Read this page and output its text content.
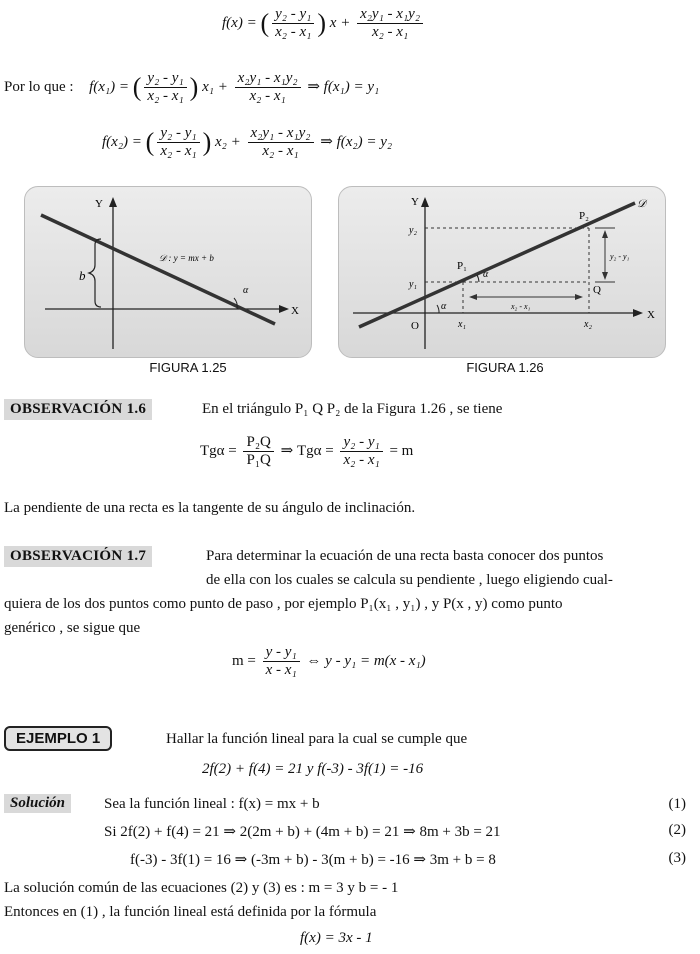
f(x) = ( $\frac{\text{y₂ - y₁}}{\text{x₂ - x₁}}$ ) $x + \frac{\text{x₂y₁ - x₁y₂}}{\text{x₂ - x₁}}$
Por lo que : f(x₁) = ( $\frac{\text{y₂ - y₁}}{\text{x₂ - x₁}}$ ) $x_1 + \frac{\text{x₂y₁ - x₁y₂}}{\text{x₂ - x₁}}$ ⇒ f(x₁) = y₁
f(x₂) = ( $\frac{\text{y₂ - y₁}}{\text{x₂ - x₁}}$ ) $x_2 + \frac{\text{x₂y₁ - x₁y₂}}{\text{x₂ - x₁}}$ ⇒ f(x₂) = y₂
Y
X
b
𝒟 : y = mx + b
α
FIGURA 1.25
Y
X
O
P₁
P₂
Q
y₂
y₁
x₁	x₂
x₂ - x₁
y₂ - y₁
α
α
𝒟
FIGURA 1.26
OBSERVACIÓN 1.6	En el triángulo P₁ Q P₂ de la Figura 1.26 , se tiene
$Tg\alpha = \frac{\text{P₂Q}}{\text{P₁Q}}$ ⇒ $Tg\alpha = \frac{\text{y₂ - y₁}}{\text{x₂ - x₁}} = m$
La pendiente de una recta es la tangente de su ángulo de inclinación.
OBSERVACIÓN 1.7	Para determinar la ecuación de una recta basta conocer dos puntos
de ella con los cuales se calcula su pendiente , luego eligiendo cual-
quiera de los dos puntos como punto de paso , por ejemplo P₁(x₁ , y₁) , y P(x , y) como punto
genérico , se sigue que
$m = \frac{\text{y - y₁}}{\text{x - x₁}}$ ⇔ y - y₁ = m(x - x₁)
EJEMPLO 1	Hallar la función lineal para la cual se cumple que
2f(2) + f(4) = 21 y f(-3) - 3f(1) = -16
Solución	Sea la función lineal : f(x) = mx + b	(1)
Si 2f(2) + f(4) = 21 ⇒ 2(2m + b) + (4m + b) = 21 ⇒ 8m + 3b = 21	(2)
f(-3) - 3f(1) = 16 ⇒ (-3m + b) - 3(m + b) = -16 ⇒ 3m + b = 8	(3)
La solución común de las ecuaciones (2) y (3) es : m = 3 y b = - 1
Entonces en (1) , la función lineal está definida por la fórmula
f(x) = 3x - 1
